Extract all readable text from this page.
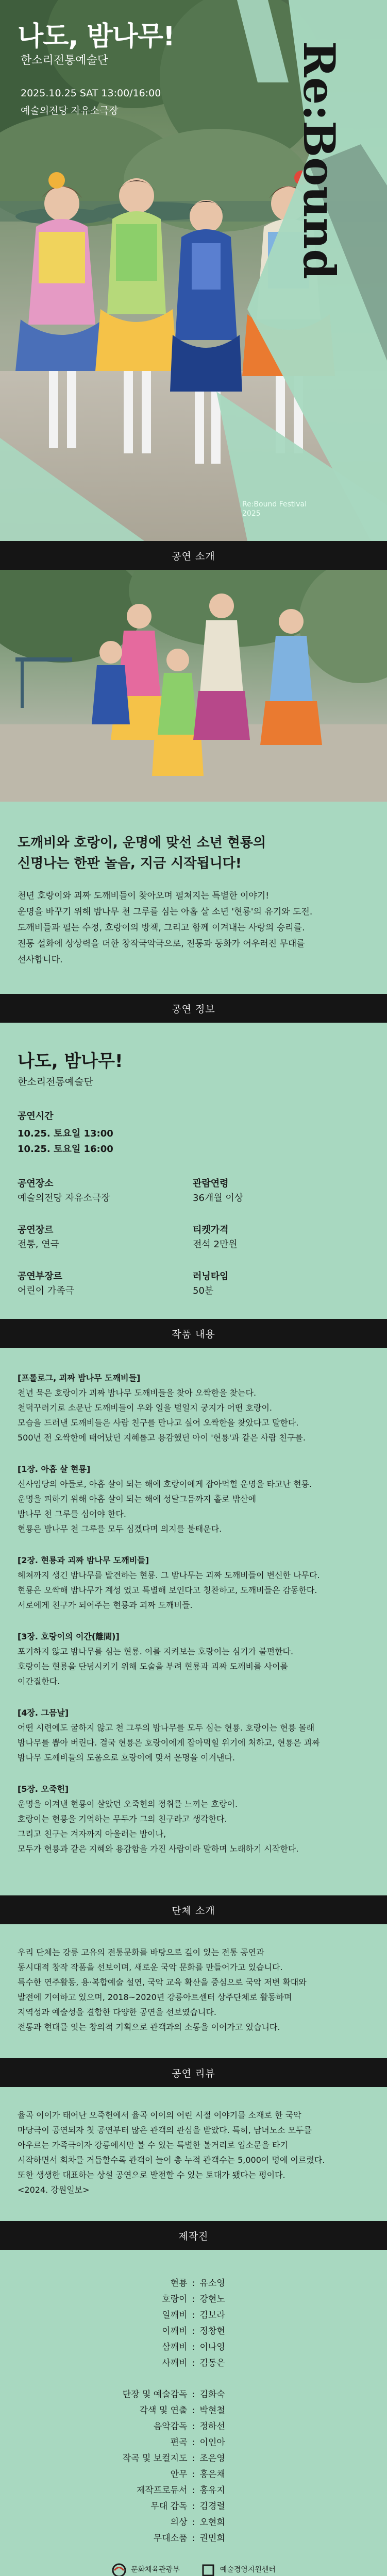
Re:Bound
나도, 밤나무!
한소리전통예술단
2025.10.25 SAT 13:00/16:00
예술의전당 자유소극장
Re:Bound Festival
2025
공연 소개
도깨비와 호랑이, 운명에 맞선 소년 현룡의
신명나는 한판 놀음, 지금 시작됩니다!
천년 호랑이와 괴짜 도깨비들이 찾아오며 펼쳐지는 특별한 이야기!
운명을 바꾸기 위해 밤나무 천 그루를 심는 아홉 살 소년 '현룡'의 유기와 도전.
도깨비들과 펼는 수정, 호랑이의 방책, 그리고 함께 이겨내는 사랑의 승리를.
전통 설화에 상상력을 더한 창작국악극으로, 전통과 동화가 어우러진 무대를
선사합니다.
공연 정보
나도, 밤나무!
한소리전통예술단
공연시간
10.25. 토요일 13:00
10.25. 토요일 16:00
공연장소
예술의전당 자유소극장
관람연령
36개월 이상
공연장르
전통, 연극
티켓가격
전석 2만원
공연부장르
어린이 가족극
러닝타임
50분
작품 내용
[프롤로그, 괴짜 밤나무 도깨비들]
천년 묵은 호랑이가 괴짜 밤나무 도깨비들을 찾아 오싹한을 찾는다.
천덕꾸러기로 소문난 도깨비들이 우와 일을 벌일지 궁지가 어떤 호랑이.
모습을 드러낸 도깨비들은 사람 친구를 만나고 싶어 오싹한을 찾았다고 말한다.
500년 전 오싹한에 태어났던 지혜롭고 용감했던 아이 '현룡'과 같은 사람 친구를.
[1장. 아홉 살 현룡]
신사임당의 아들로, 아홉 살이 되는 해에 호랑이에게 잡아먹힐 운명을 타고난 현룡.
운명을 피하기 위해 아홉 살이 되는 해에 성달그믐까지 홀로 밖산에
밤나무 천 그루를 심어야 한다.
현룡은 밤나무 천 그루를 모두 심겠다며 의지를 불태운다.
[2장. 현룡과 괴짜 밤나무 도깨비들]
헤쳐까지 생긴 밤나무를 발견하는 현룡. 그 밤나무는 괴짜 도깨비들이 변신한 나무다.
현룡은 오싹해 밤나무가 계성 었고 특별해 보인다고 칭찬하고, 도깨비들은 감동한다.
서로에게 친구가 되어주는 현룡과 괴짜 도깨비들.
[3장. 호랑이의 이간(離間)]
포기하지 않고 밤나무를 심는 현룡. 이를 지켜보는 호랑이는 심기가 불편한다.
호랑이는 현룡을 단념시키기 위해 도술을 부려 현룡과 괴짜 도깨비를 사이를
이간질한다.
[4장. 그믐날]
어떤 시련에도 굴하지 않고 천 그루의 밤나무를 모두 심는 현룡. 호랑이는 현룡 몰래
밤나무를 뽑아 버린다. 결국 현룡은 호랑이에게 잡아먹힐 위기에 처하고, 현룡은 괴짜
밤나무 도깨비들의 도움으로 호랑이에 맞서 운명을 이겨낸다.
[5장. 오죽헌]
운명을 이겨낸 현룡이 살았던 오죽헌의 정취를 느끼는 호랑이.
호랑이는 현룡을 기억하는 무두가 그의 친구라고 생각한다.
그리고 친구는 겨자까지 아울러는 밤이나,
모두가 현룡과 같은 지혜와 용감함을 가진 사람이라 말하며 노래하기 시작한다.
단체 소개
우리 단체는 강릉 고유의 전통문화를 바탕으로 깊이 있는 전통 공연과
동시대적 창작 작품을 선보이며, 새로운 국악 문화를 만들어가고 있습니다.
특수한 연주활동, 용·복합예술 설연, 국악 교육 확산을 중심으로 국악 저변 확대와
발전에 기여하고 있으며, 2018~2020년 강릉아트센터 상주단체로 활동하며
지역성과 예술성을 결합한 다양한 공연을 선보였습니다.
전통과 현대를 잇는 창의적 기획으로 관객과의 소통을 이어가고 있습니다.
공연 리뷰
율곡 이이가 태어난 오죽헌에서 율곡 이이의 어린 시절 이야기를 소재로 한 국악
마당극이 공연되자 첫 공연부터 많은 관객의 관심을 받았다. 특히, 남녀노소 모두를
아우르는 가족극이자 강릉에서만 볼 수 있는 특별한 볼거리로 입소문을 타기
시작하면서 회차를 거듭할수록 관객이 늘어 총 누적 관객수는 5,000여 명에 이르렀다.
또한 생생한 대표하는 상설 공연으로 발전할 수 있는 토대가 됐다는 평이다.
<2024. 강원일보>
제작진
현룡 : 유소영
호랑이 : 강현노
일깨비 : 김보라
이깨비 : 정창현
삼깨비 : 이나영
사깨비 : 김동은
단장 및 예술감독 : 김화숙
각색 및 연출 : 박현철
음악감독 : 정하선
편곡 : 이인아
작곡 및 보컬지도 : 조은영
안무 : 홍은채
제작프로듀서 : 홍유지
무대 감독 : 김경렬
의상 : 오현희
무대소품 : 권민희
문화체육관광부	예술경영지원센터
